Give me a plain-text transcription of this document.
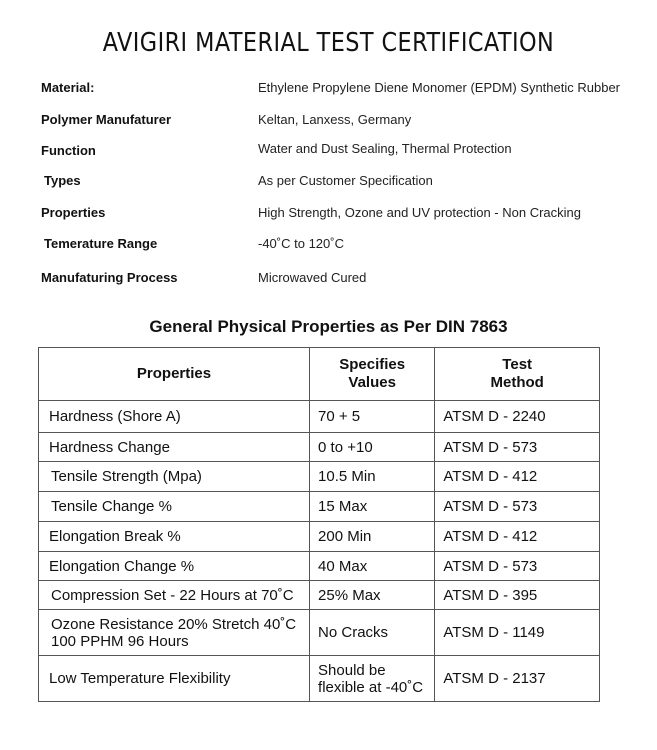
AVIGIRI MATERIAL TEST CERTIFICATION
Material:	Ethylene Propylene Diene Monomer (EPDM) Synthetic Rubber
Polymer Manufaturer	Keltan, Lanxess, Germany
Function	Water and Dust Sealing, Thermal Protection
Types	As per Customer Specification
Properties	High Strength, Ozone and UV protection - Non Cracking
Temerature Range	-40˚C to 120˚C
Manufaturing Process	Microwaved Cured
General Physical Properties as Per DIN 7863
Properties	Specifies Values	Test Method

Hardness (Shore A)	70 + 5	ATSM D - 2240
Hardness Change	0 to +10	ATSM D - 573
Tensile Strength (Mpa)	10.5 Min	ATSM D - 412
Tensile Change %	15 Max	ATSM D - 573
Elongation Break %	200 Min	ATSM D - 412
Elongation Change %	40 Max	ATSM D - 573
Compression Set - 22 Hours at 70˚C	25% Max	ATSM D - 395
Ozone Resistance 20% Stretch 40˚C 100 PPHM 96 Hours	No Cracks	ATSM D - 1149
Low Temperature Flexibility	Should be flexible at -40˚C	ATSM D - 2137
